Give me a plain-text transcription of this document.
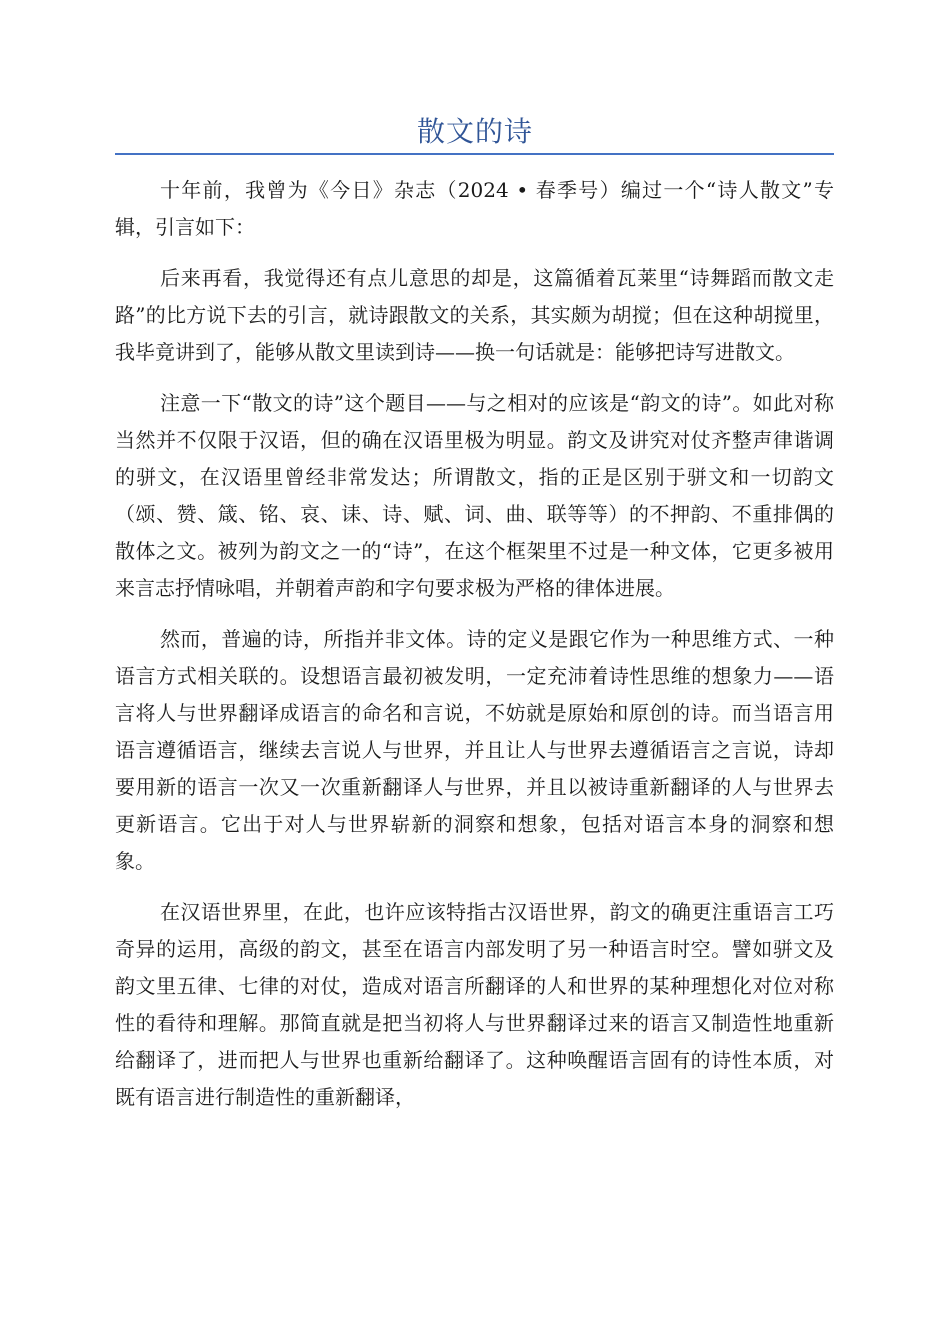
散文的诗

十年前，我曾为《今日》杂志（2024 • 春季号）编过一个“诗人散文”专辑，引言如下：

后来再看，我觉得还有点儿意思的却是，这篇循着瓦莱里“诗舞蹈而散文走路”的比方说下去的引言，就诗跟散文的关系，其实颇为胡搅；但在这种胡搅里，我毕竟讲到了，能够从散文里读到诗——换一句话就是：能够把诗写进散文。

注意一下“散文的诗”这个题目——与之相对的应该是“韵文的诗”。如此对称当然并不仅限于汉语，但的确在汉语里极为明显。韵文及讲究对仗齐整声律谐调的骈文，在汉语里曾经非常发达；所谓散文，指的正是区别于骈文和一切韵文（颂、赞、箴、铭、哀、诔、诗、赋、词、曲、联等等）的不押韵、不重排偶的散体之文。被列为韵文之一的“诗”，在这个框架里不过是一种文体，它更多被用来言志抒情咏唱，并朝着声韵和字句要求极为严格的律体进展。

然而，普遍的诗，所指并非文体。诗的定义是跟它作为一种思维方式、一种语言方式相关联的。设想语言最初被发明，一定充沛着诗性思维的想象力——语言将人与世界翻译成语言的命名和言说，不妨就是原始和原创的诗。而当语言用语言遵循语言，继续去言说人与世界，并且让人与世界去遵循语言之言说，诗却要用新的语言一次又一次重新翻译人与世界，并且以被诗重新翻译的人与世界去更新语言。它出于对人与世界崭新的洞察和想象，包括对语言本身的洞察和想象。

在汉语世界里，在此，也许应该特指古汉语世界，韵文的确更注重语言工巧奇异的运用，高级的韵文，甚至在语言内部发明了另一种语言时空。譬如骈文及韵文里五律、七律的对仗，造成对语言所翻译的人和世界的某种理想化对位对称性的看待和理解。那简直就是把当初将人与世界翻译过来的语言又制造性地重新给翻译了，进而把人与世界也重新给翻译了。这种唤醒语言固有的诗性本质，对既有语言进行制造性的重新翻译，
